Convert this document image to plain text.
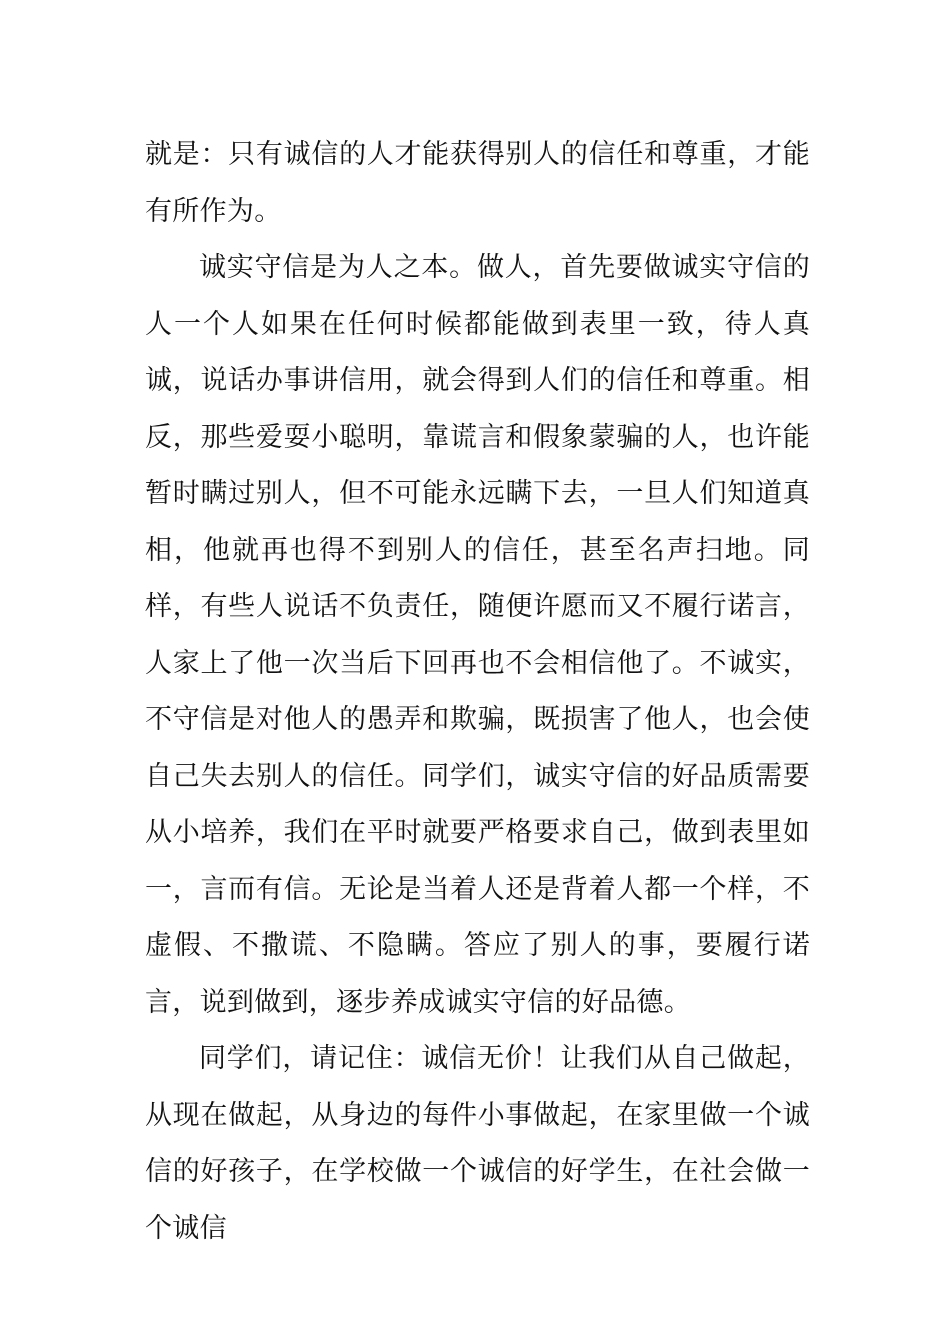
就是：只有诚信的人才能获得别人的信任和尊重，才能有所作为。

诚实守信是为人之本。做人，首先要做诚实守信的人一个人如果在任何时候都能做到表里一致，待人真诚，说话办事讲信用，就会得到人们的信任和尊重。相反，那些爱耍小聪明，靠谎言和假象蒙骗的人，也许能暂时瞒过别人，但不可能永远瞒下去，一旦人们知道真相，他就再也得不到别人的信任，甚至名声扫地。同样，有些人说话不负责任，随便许愿而又不履行诺言，人家上了他一次当后下回再也不会相信他了。不诚实，不守信是对他人的愚弄和欺骗，既损害了他人，也会使自己失去别人的信任。同学们，诚实守信的好品质需要从小培养，我们在平时就要严格要求自己，做到表里如一，言而有信。无论是当着人还是背着人都一个样，不虚假、不撒谎、不隐瞒。答应了别人的事，要履行诺言，说到做到，逐步养成诚实守信的好品德。

同学们，请记住：诚信无价！让我们从自己做起，从现在做起，从身边的每件小事做起，在家里做一个诚信的好孩子，在学校做一个诚信的好学生，在社会做一个诚信
